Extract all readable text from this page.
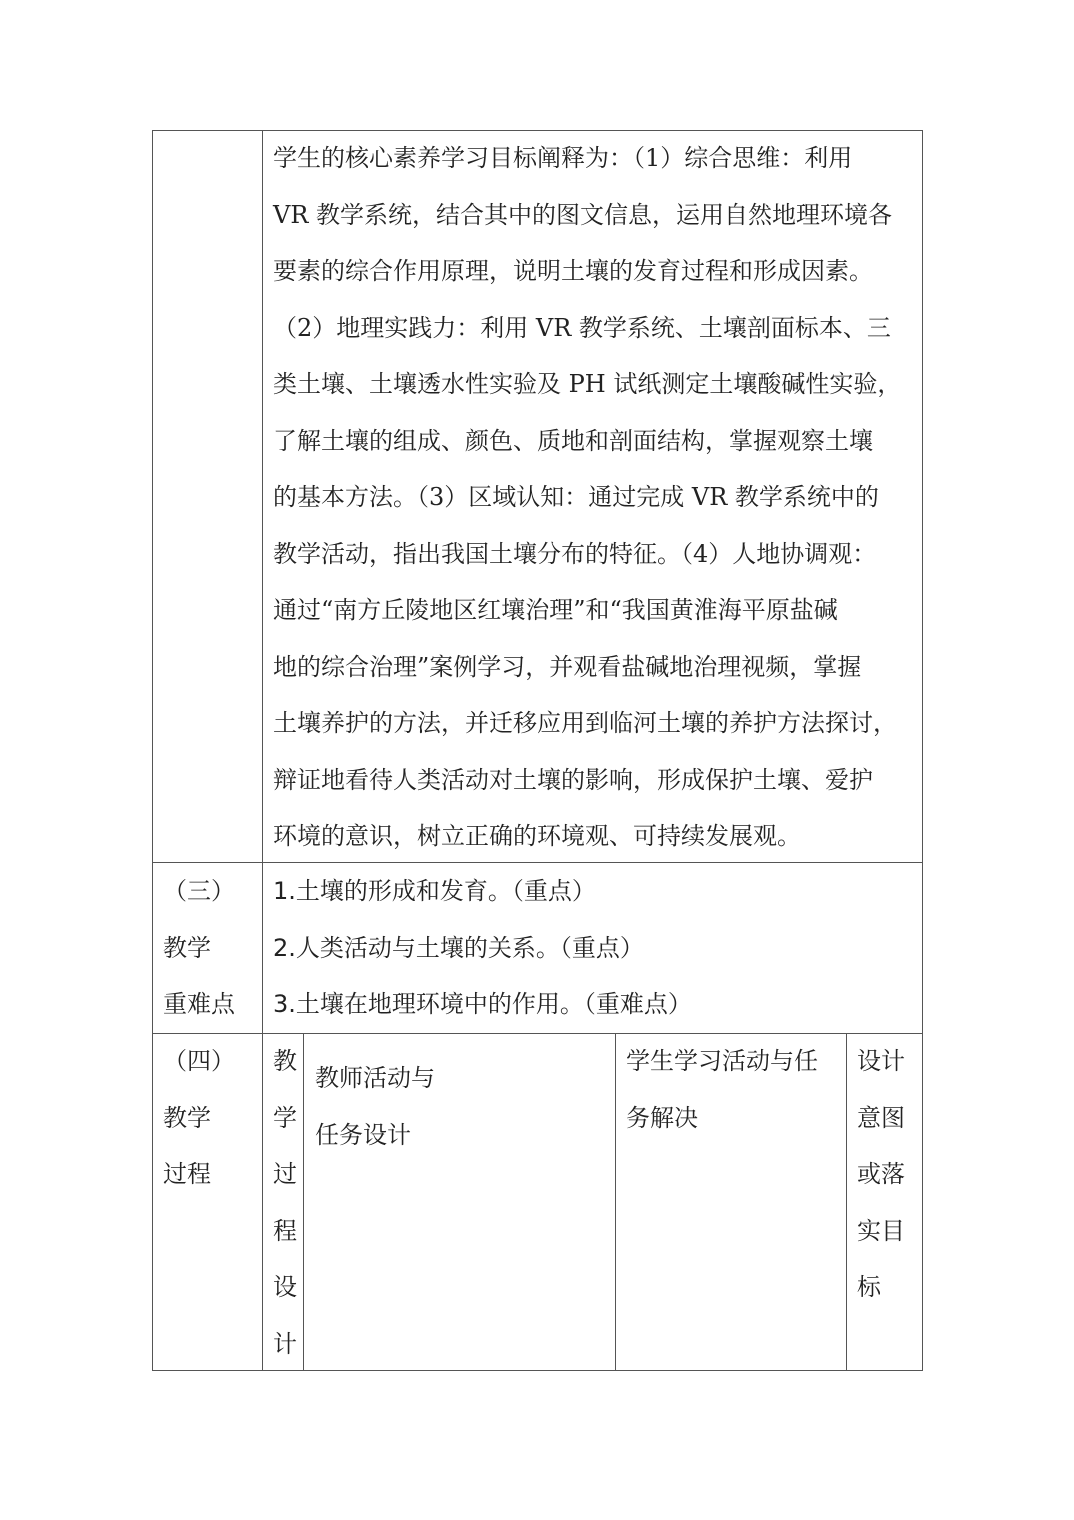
学生的核心素养学习目标阐释为：（1）综合思维：利用
VR 教学系统，结合其中的图文信息，运用自然地理环境各
要素的综合作用原理，说明土壤的发育过程和形成因素。
（2）地理实践力：利用 VR 教学系统、土壤剖面标本、三
类土壤、土壤透水性实验及 PH 试纸测定土壤酸碱性实验，
了解土壤的组成、颜色、质地和剖面结构，掌握观察土壤
的基本方法。（3）区域认知：通过完成 VR 教学系统中的
教学活动，指出我国土壤分布的特征。（4）人地协调观：
通过“南方丘陵地区红壤治理”和“我国黄淮海平原盐碱
地的综合治理”案例学习，并观看盐碱地治理视频，掌握
土壤养护的方法，并迁移应用到临河土壤的养护方法探讨，
辩证地看待人类活动对土壤的影响，形成保护土壤、爱护
环境的意识，树立正确的环境观、可持续发展观。
（三）
教学
重难点
1.土壤的形成和发育。（重点）
2.人类活动与土壤的关系。（重点）
3.土壤在地理环境中的作用。（重难点）
（四）
教学
过程
教
学
过
程
设
计
教师活动与
任务设计
学生学习活动与任
务解决
设计
意图
或落
实目
标
